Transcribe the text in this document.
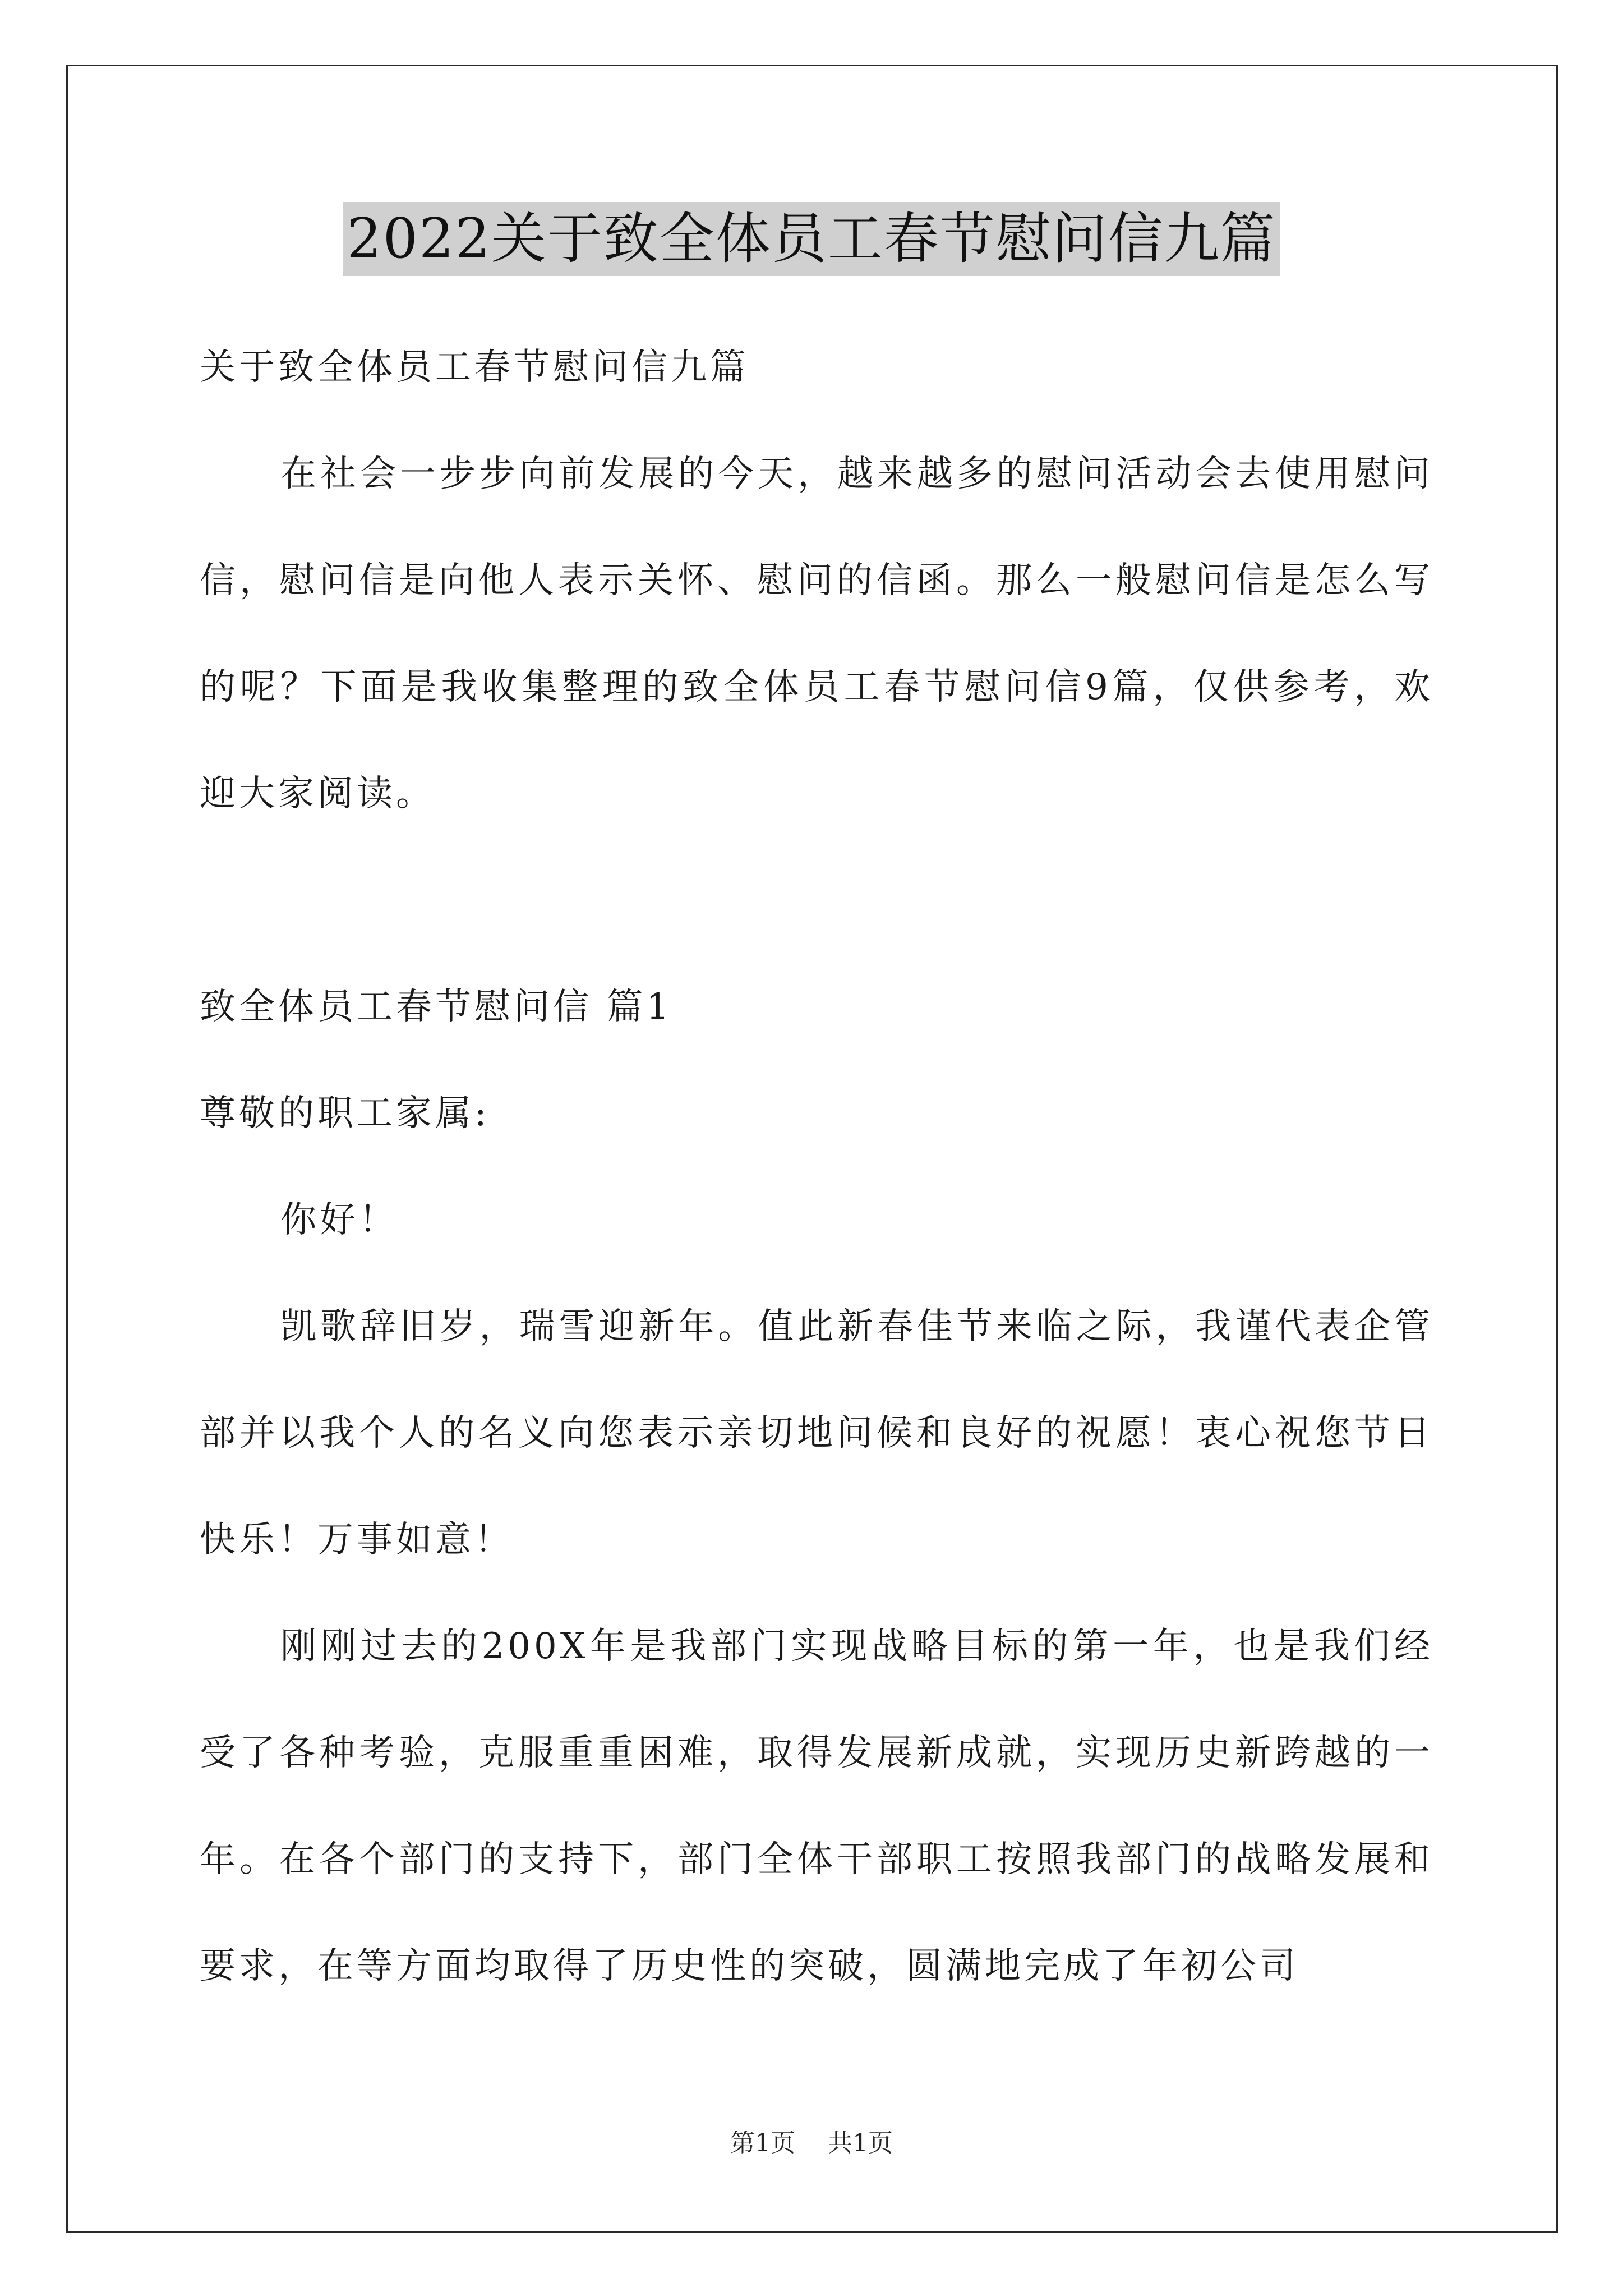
2022关于致全体员工春节慰问信九篇

关于致全体员工春节慰问信九篇

在社会一步步向前发展的今天，越来越多的慰问活动会去使用慰问信，慰问信是向他人表示关怀、慰问的信函。那么一般慰问信是怎么写的呢？下面是我收集整理的致全体员工春节慰问信9篇，仅供参考，欢迎大家阅读。

致全体员工春节慰问信 篇1

尊敬的职工家属:

你好！

凯歌辞旧岁，瑞雪迎新年。值此新春佳节来临之际，我谨代表企管部并以我个人的名义向您表示亲切地问候和良好的祝愿！衷心祝您节日快乐！万事如意！

刚刚过去的200X年是我部门实现战略目标的第一年，也是我们经受了各种考验，克服重重困难，取得发展新成就，实现历史新跨越的一年。在各个部门的支持下，部门全体干部职工按照我部门的战略发展和要求，在等方面均取得了历史性的突破，圆满地完成了年初公司

第1页 共1页
